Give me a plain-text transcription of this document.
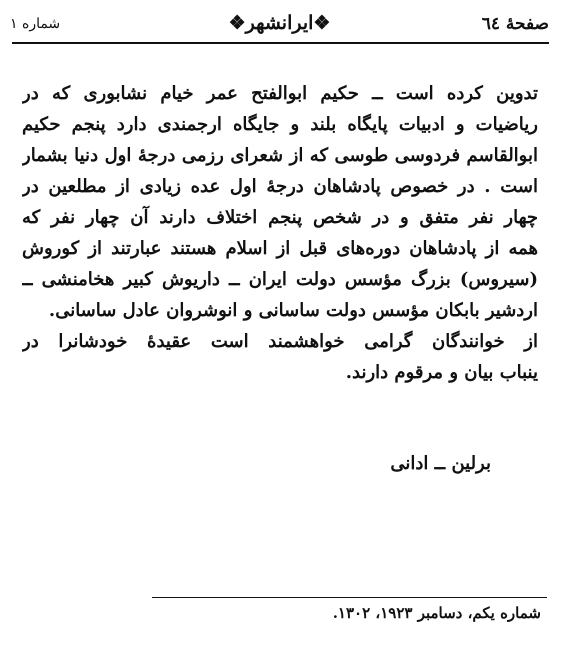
صفحهٔ ٦٤
❖ایرانشهر❖
شماره ۱
تدوین کرده است ــ حکیم ابوالفتح عمر خیام نشابوری که در
ریاضیات و ادبیات پایگاه بلند و جایگاه ارجمندی دارد پنجم حکیم
ابوالقاسم فردوسی طوسی که از شعرای رزمی درجهٔ اول دنیا بشمار
است . در خصوص پادشاهان درجهٔ اول عده زیادی از مطلعین در
چهار نفر متفق و در شخص پنجم اختلاف دارند آن چهار نفر که
همه از پادشاهان دوره‌های قبل از اسلام هستند عبارتند از کوروش
(سیروس) بزرگ مؤسس دولت ایران ــ داریوش کبیر هخامنشی ــ
اردشیر بابکان مؤسس دولت ساسانی و انوشروان عادل ساسانی.
از خوانندگان گرامی خواهشمند است عقیدهٔ خودشانرا در
ینباب بیان و مرقوم دارند.
برلین ــ ادانی
شماره یکم، دسامبر ۱۹۲۳، ۱۳۰۲.
